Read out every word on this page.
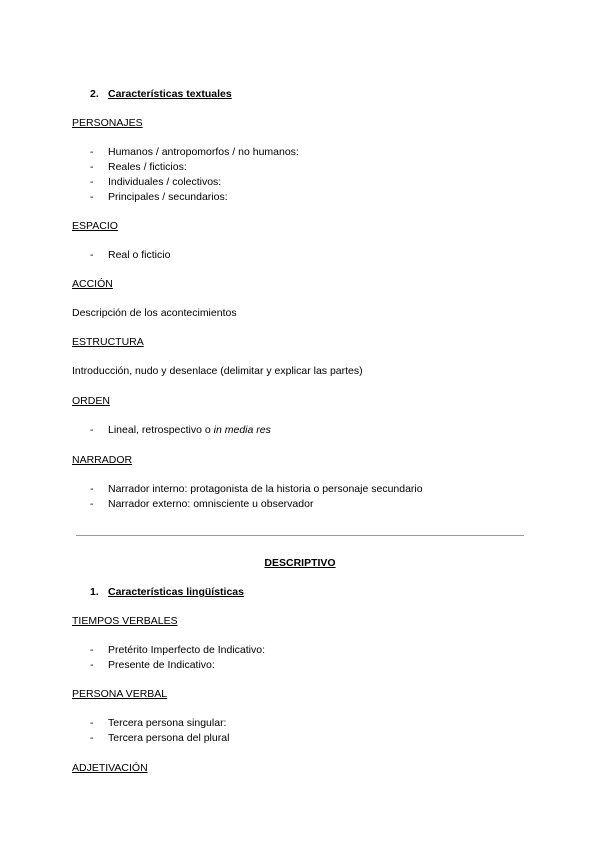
2. Características textuales
PERSONAJES
- Humanos / antropomorfos / no humanos:
- Reales / ficticios:
- Individuales / colectivos:
- Principales / secundarios:
ESPACIO
- Real o ficticio
ACCIÓN
Descripción de los acontecimientos
ESTRUCTURA
Introducción, nudo y desenlace (delimitar y explicar las partes)
ORDEN
- Lineal, retrospectivo o in media res
NARRADOR
- Narrador interno: protagonista de la historia o personaje secundario
- Narrador externo: omnisciente u observador
DESCRIPTIVO
1. Características lingüísticas
TIEMPOS VERBALES
- Pretérito Imperfecto de Indicativo:
- Presente de Indicativo:
PERSONA VERBAL
- Tercera persona singular:
- Tercera persona del plural
ADJETIVACIÓN
